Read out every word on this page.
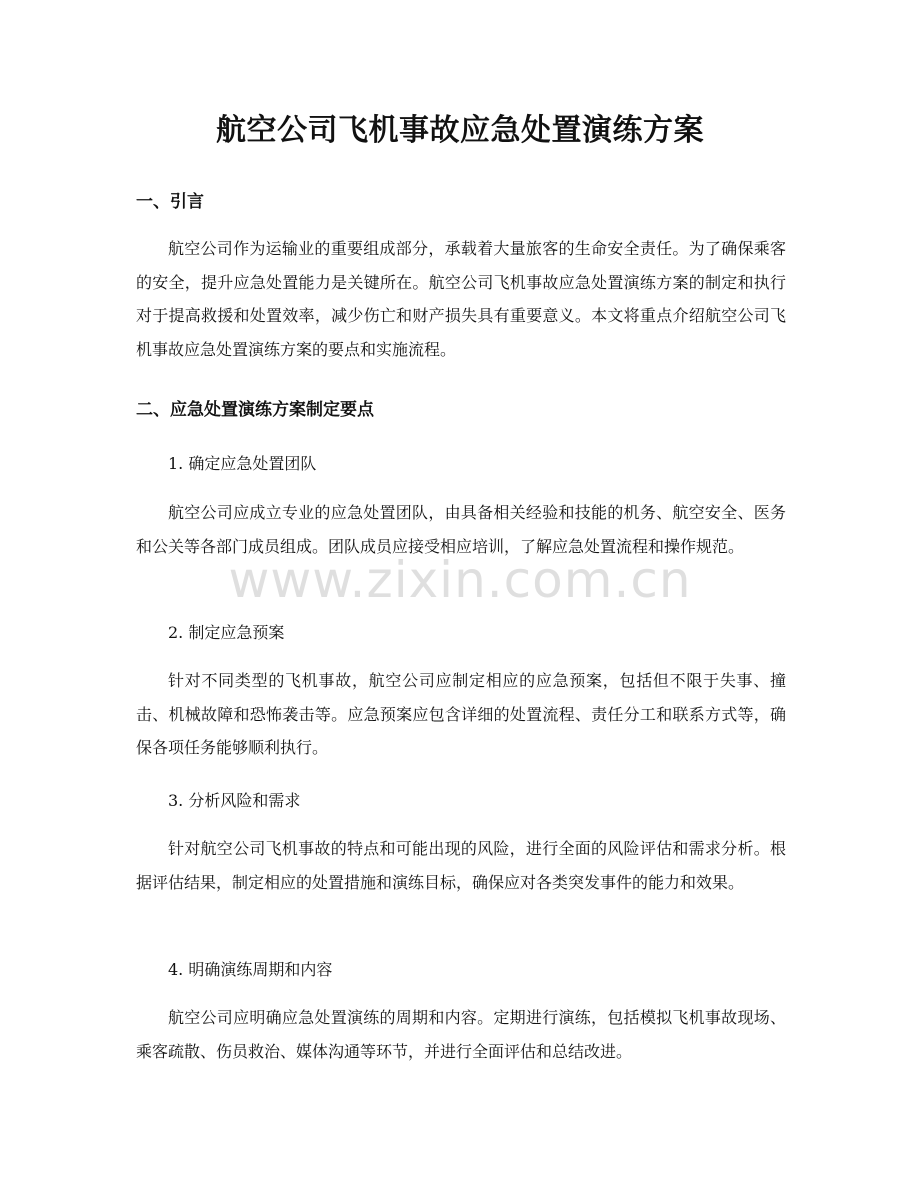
航空公司飞机事故应急处置演练方案
一、引言

航空公司作为运输业的重要组成部分，承载着大量旅客的生命安全责任。为了确保乘客的安全，提升应急处置能力是关键所在。航空公司飞机事故应急处置演练方案的制定和执行对于提高救援和处置效率，减少伤亡和财产损失具有重要意义。本文将重点介绍航空公司飞机事故应急处置演练方案的要点和实施流程。

二、应急处置演练方案制定要点

1. 确定应急处置团队

航空公司应成立专业的应急处置团队，由具备相关经验和技能的机务、航空安全、医务和公关等各部门成员组成。团队成员应接受相应培训，了解应急处置流程和操作规范。

2. 制定应急预案

针对不同类型的飞机事故，航空公司应制定相应的应急预案，包括但不限于失事、撞击、机械故障和恐怖袭击等。应急预案应包含详细的处置流程、责任分工和联系方式等，确保各项任务能够顺利执行。

3. 分析风险和需求

针对航空公司飞机事故的特点和可能出现的风险，进行全面的风险评估和需求分析。根据评估结果，制定相应的处置措施和演练目标，确保应对各类突发事件的能力和效果。

4. 明确演练周期和内容

航空公司应明确应急处置演练的周期和内容。定期进行演练，包括模拟飞机事故现场、乘客疏散、伤员救治、媒体沟通等环节，并进行全面评估和总结改进。

www.zixin.com.cn
